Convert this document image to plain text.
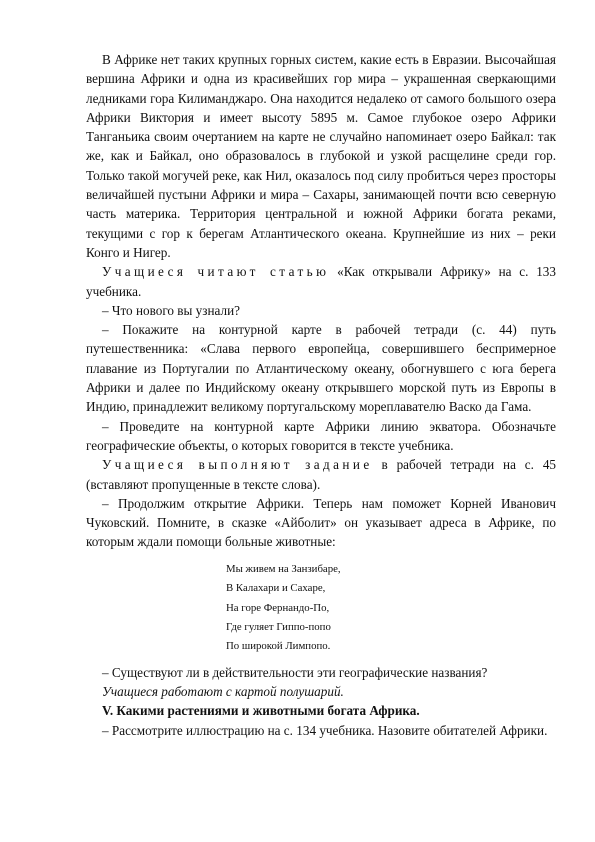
В Африке нет таких крупных горных систем, какие есть в Евразии. Высочайшая вершина Африки и одна из красивейших гор мира – украшенная сверкающими ледниками гора Килиманджаро. Она находится недалеко от самого большого озера Африки Виктория и имеет высоту 5895 м. Самое глубокое озеро Африки Танганьика своим очертанием на карте не случайно напоминает озеро Байкал: так же, как и Байкал, оно образовалось в глубокой и узкой расщелине среди гор. Только такой могучей реке, как Нил, оказалось под силу пробиться через просторы величайшей пустыни Африки и мира – Сахары, занимающей почти всю северную часть материка. Территория центральной и южной Африки богата реками, текущими с гор к берегам Атлантического океана. Крупнейшие из них – реки Конго и Нигер.

Учащиеся читают статью «Как открывали Африку» на с. 133 учебника.

– Что нового вы узнали?

– Покажите на контурной карте в рабочей тетради (с. 44) путь путешественника: «Слава первого европейца, совершившего беспримерное плавание из Португалии по Атлантическому океану, обогнувшего с юга берега Африки и далее по Индийскому океану открывшего морской путь из Европы в Индию, принадлежит великому португальскому мореплавателю Васко да Гама.

– Проведите на контурной карте Африки линию экватора. Обозначьте географические объекты, о которых говорится в тексте учебника.

Учащиеся выполняют задание в рабочей тетради на с. 45 (вставляют пропущенные в тексте слова).

– Продолжим открытие Африки. Теперь нам поможет Корней Иванович Чуковский. Помните, в сказке «Айболит» он указывает адреса в Африке, по которым ждали помощи больные животные:

Мы живем на Занзибаре,
В Калахари и Сахаре,
На горе Фернандо-По,
Где гуляет Гиппо-попо
По широкой Лимпопо.

– Существуют ли в действительности эти географические названия?

Учащиеся работают с картой полушарий.

V. Какими растениями и животными богата Африка.

– Рассмотрите иллюстрацию на с. 134 учебника. Назовите обитателей Африки.
